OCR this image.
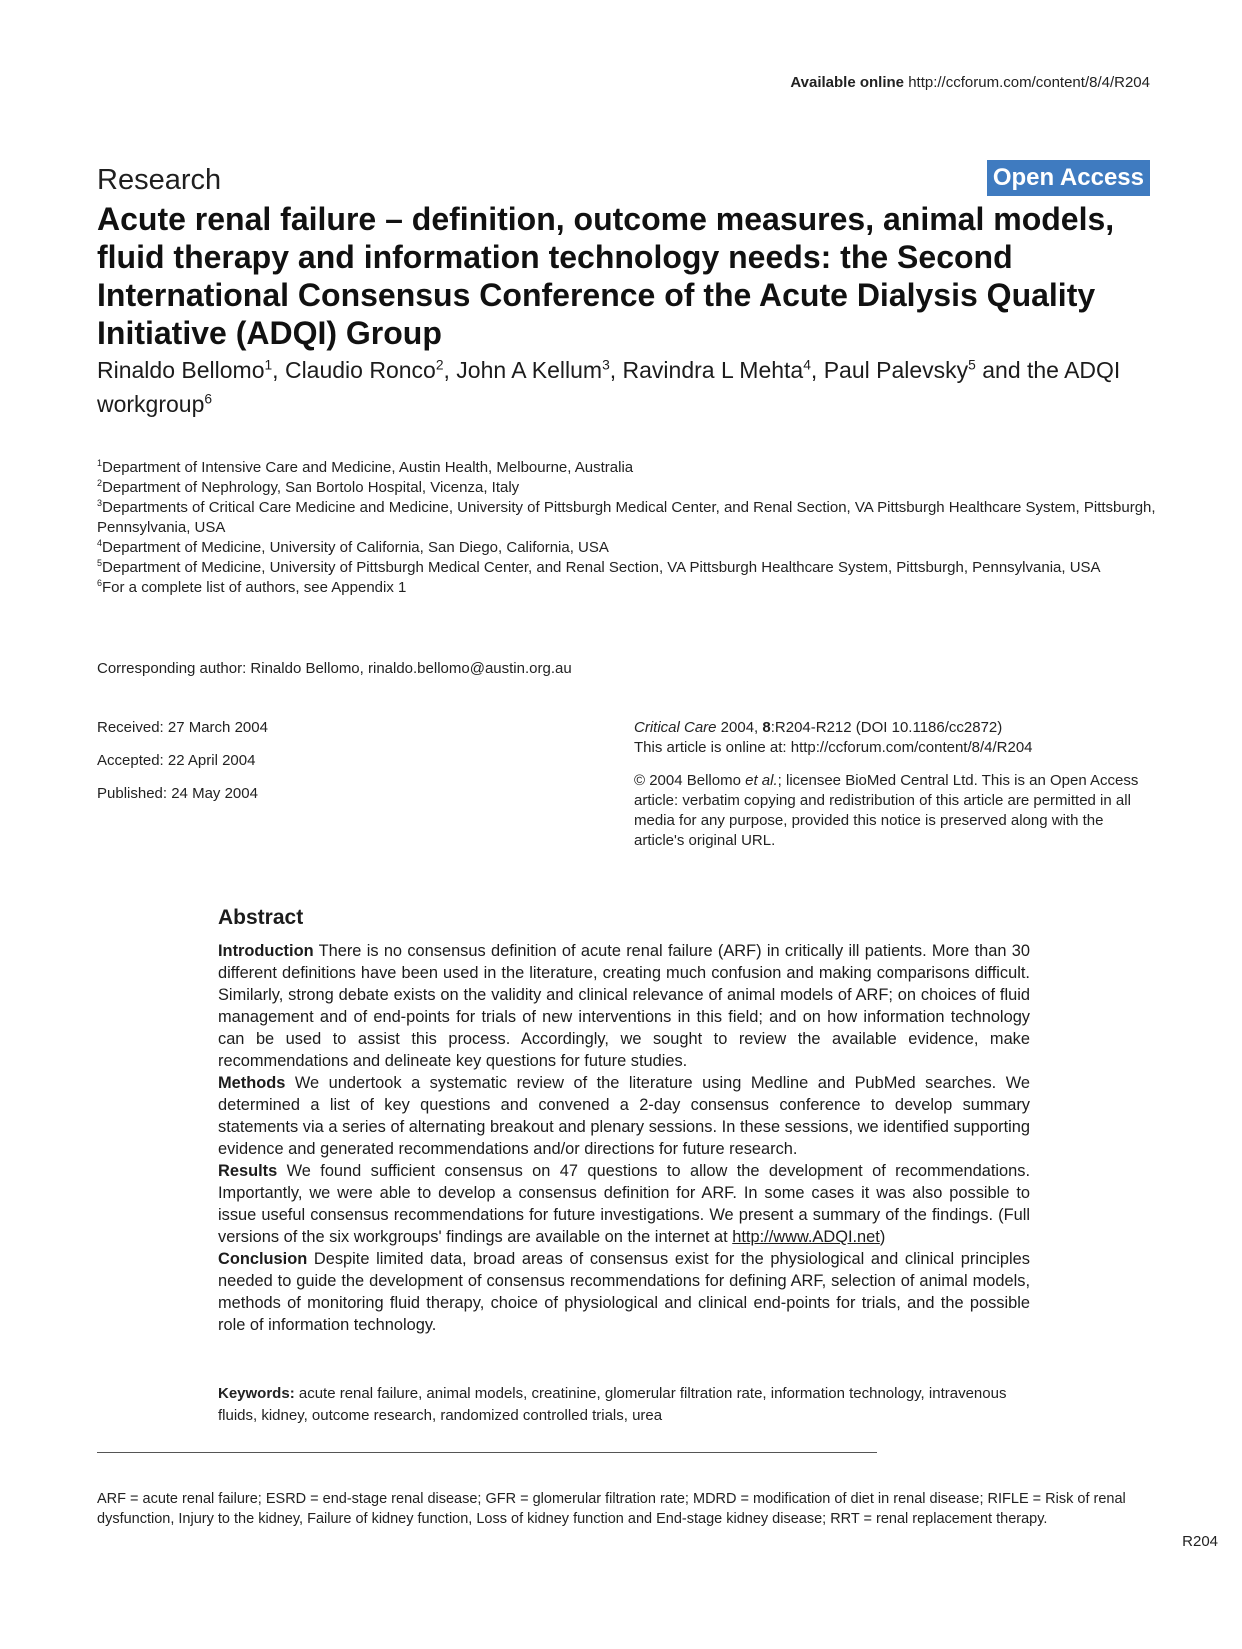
Available online http://ccforum.com/content/8/4/R204
Research	Open Access
Acute renal failure – definition, outcome measures, animal models, fluid therapy and information technology needs: the Second International Consensus Conference of the Acute Dialysis Quality Initiative (ADQI) Group
Rinaldo Bellomo$^1$, Claudio Ronco$^2$, John A Kellum$^3$, Ravindra L Mehta$^4$, Paul Palevsky$^5$ and the ADQI workgroup$^6$
$^1$Department of Intensive Care and Medicine, Austin Health, Melbourne, Australia
$^2$Department of Nephrology, San Bortolo Hospital, Vicenza, Italy
$^3$Departments of Critical Care Medicine and Medicine, University of Pittsburgh Medical Center, and Renal Section, VA Pittsburgh Healthcare System, Pittsburgh, Pennsylvania, USA
$^4$Department of Medicine, University of California, San Diego, California, USA
$^5$Department of Medicine, University of Pittsburgh Medical Center, and Renal Section, VA Pittsburgh Healthcare System, Pittsburgh, Pennsylvania, USA
$^6$For a complete list of authors, see Appendix 1
Corresponding author: Rinaldo Bellomo, rinaldo.bellomo@austin.org.au
Received: 27 March 2004
Accepted: 22 April 2004
Published: 24 May 2004

Critical Care 2004, 8:R204-R212 (DOI 10.1186/cc2872)

This article is online at: http://ccforum.com/content/8/4/R204

© 2004 Bellomo et al.; licensee BioMed Central Ltd. This is an Open Access article: verbatim copying and redistribution of this article are permitted in all media for any purpose, provided this notice is preserved along with the article's original URL.

Abstract

Introduction There is no consensus definition of acute renal failure (ARF) in critically ill patients. More than 30 different definitions have been used in the literature, creating much confusion and making comparisons difficult. Similarly, strong debate exists on the validity and clinical relevance of animal models of ARF; on choices of fluid management and of end-points for trials of new interventions in this field; and on how information technology can be used to assist this process. Accordingly, we sought to review the available evidence, make recommendations and delineate key questions for future studies.

Methods We undertook a systematic review of the literature using Medline and PubMed searches. We determined a list of key questions and convened a 2-day consensus conference to develop summary statements via a series of alternating breakout and plenary sessions. In these sessions, we identified supporting evidence and generated recommendations and/or directions for future research.

Results We found sufficient consensus on 47 questions to allow the development of recommendations. Importantly, we were able to develop a consensus definition for ARF. In some cases it was also possible to issue useful consensus recommendations for future investigations. We present a summary of the findings. (Full versions of the six workgroups' findings are available on the internet at http://www.ADQI.net)

Conclusion Despite limited data, broad areas of consensus exist for the physiological and clinical principles needed to guide the development of consensus recommendations for defining ARF, selection of animal models, methods of monitoring fluid therapy, choice of physiological and clinical end-points for trials, and the possible role of information technology.

Keywords: acute renal failure, animal models, creatinine, glomerular filtration rate, information technology, intravenous fluids, kidney, outcome research, randomized controlled trials, urea
ARF = acute renal failure; ESRD = end-stage renal disease; GFR = glomerular filtration rate; MDRD = modification of diet in renal disease; RIFLE = Risk of renal dysfunction, Injury to the kidney, Failure of kidney function, Loss of kidney function and End-stage kidney disease; RRT = renal replacement therapy.
R204
